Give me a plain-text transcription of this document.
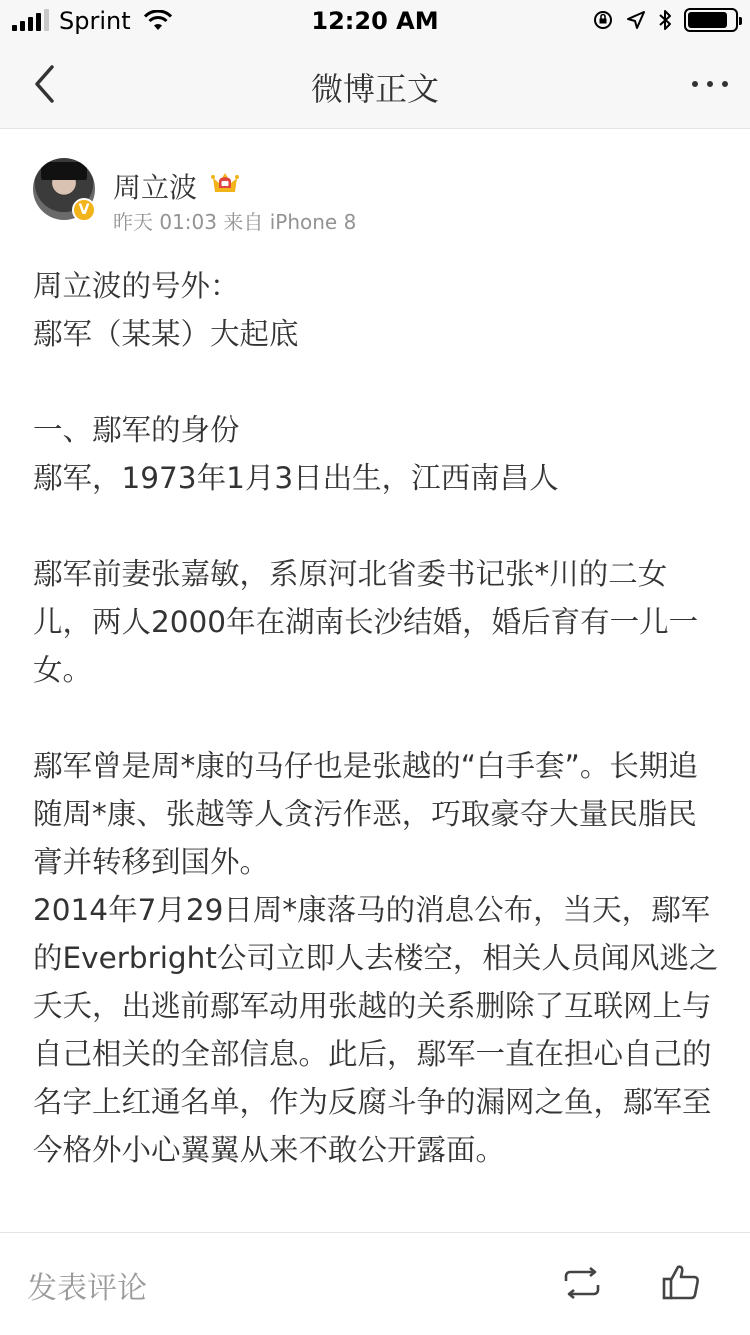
Sprint	12:20 AM
微博正文
V
周立波
昨天 01:03 来自 iPhone 8

周立波的号外：

鄢军（某某）大起底

一、鄢军的身份

鄢军，1973年1月3日出生，江西南昌人

鄢军前妻张嘉敏，系原河北省委书记张*川的二女儿，两人2000年在湖南长沙结婚，婚后育有一儿一女。

鄢军曾是周*康的马仔也是张越的“白手套”。长期追随周*康、张越等人贪污作恶，巧取豪夺大量民脂民膏并转移到国外。

2014年7月29日周*康落马的消息公布，当天，鄢军的Everbright公司立即人去楼空，相关人员闻风逃之夭夭，出逃前鄢军动用张越的关系删除了互联网上与自己相关的全部信息。此后，鄢军一直在担心自己的名字上红通名单，作为反腐斗争的漏网之鱼，鄢军至今格外小心翼翼从来不敢公开露面。

发表评论
